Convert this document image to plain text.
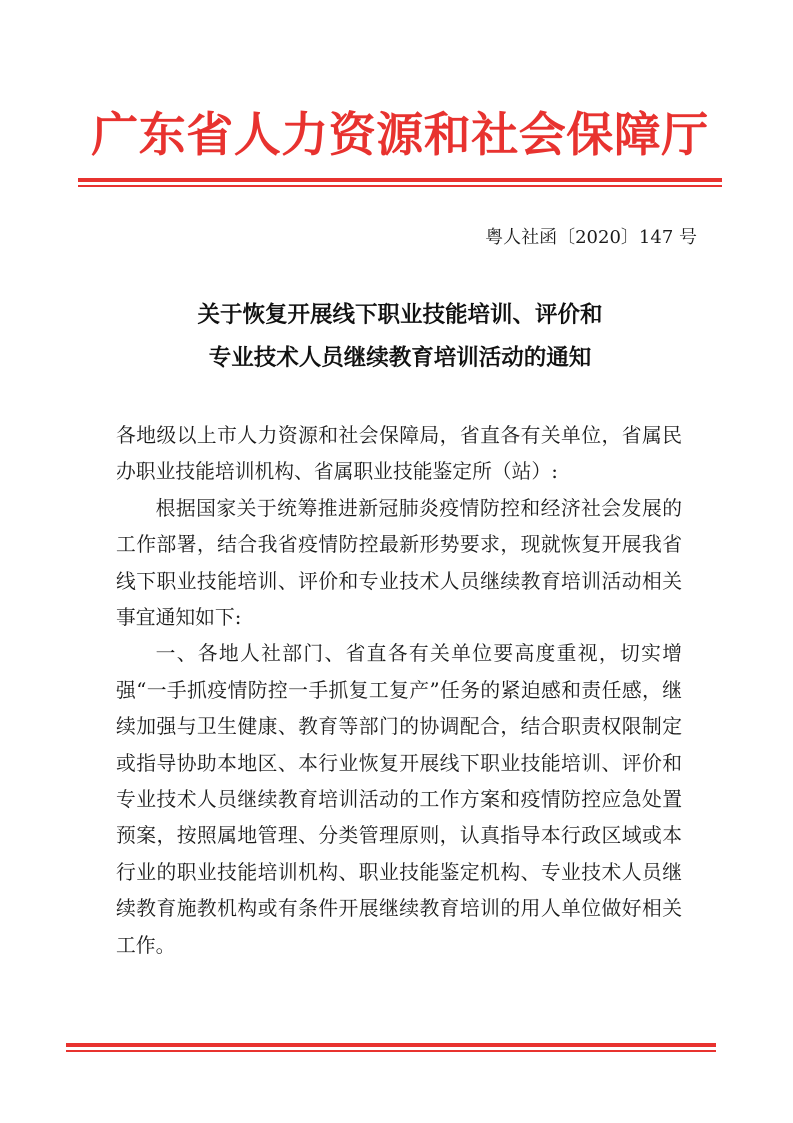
广东省人力资源和社会保障厅
粤人社函〔2020〕147 号
关于恢复开展线下职业技能培训、评价和
专业技术人员继续教育培训活动的通知

各地级以上市人力资源和社会保障局，省直各有关单位，省属民办职业技能培训机构、省属职业技能鉴定所（站）:

根据国家关于统筹推进新冠肺炎疫情防控和经济社会发展的工作部署，结合我省疫情防控最新形势要求，现就恢复开展我省线下职业技能培训、评价和专业技术人员继续教育培训活动相关事宜通知如下:

一、各地人社部门、省直各有关单位要高度重视，切实增强“一手抓疫情防控一手抓复工复产”任务的紧迫感和责任感，继续加强与卫生健康、教育等部门的协调配合，结合职责权限制定或指导协助本地区、本行业恢复开展线下职业技能培训、评价和专业技术人员继续教育培训活动的工作方案和疫情防控应急处置预案，按照属地管理、分类管理原则，认真指导本行政区域或本行业的职业技能培训机构、职业技能鉴定机构、专业技术人员继续教育施教机构或有条件开展继续教育培训的用人单位做好相关工作。
